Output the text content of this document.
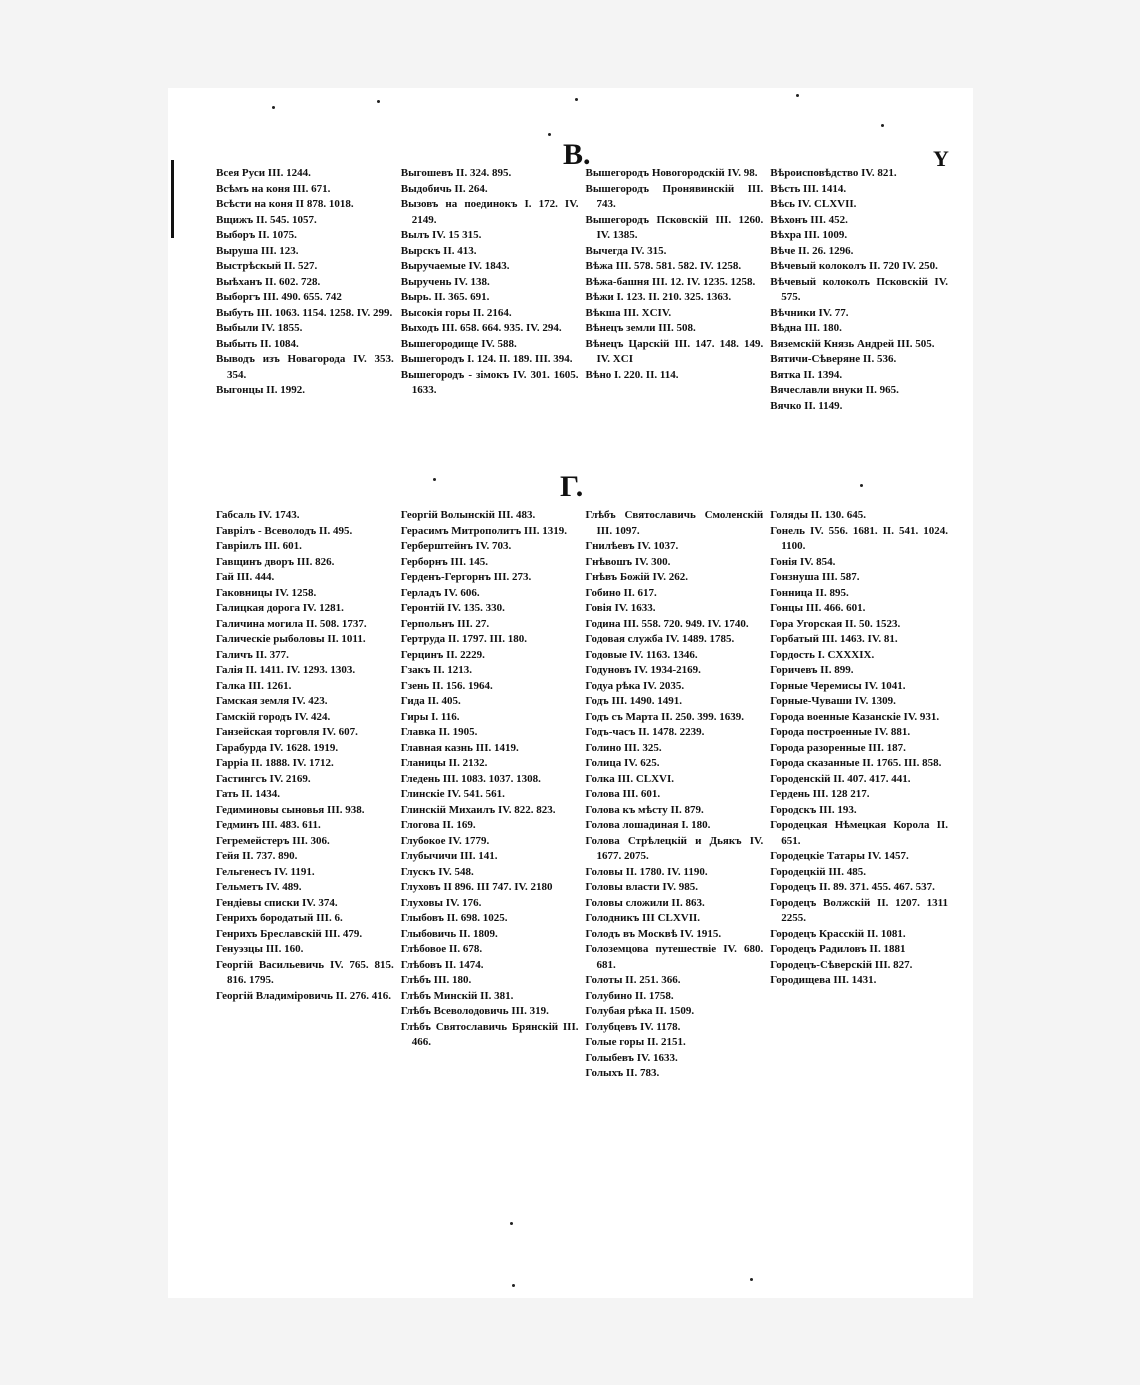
Y
В.

Всея Руси III. 1244.

Всѣмъ на коня III. 671.

Всѣсти на коня II 878. 1018.

Вщижъ II. 545. 1057.

Выборъ II. 1075.

Выруша III. 123.

Выстрѣскый II. 527.

Выѣханъ II. 602. 728.

Выборгъ III. 490. 655. 742

Выбуть III. 1063. 1154. 1258. IV. 299.

Выбыли IV. 1855.

Выбыть II. 1084.

Выводъ изъ Новагорода IV. 353. 354.

Выгонцы II. 1992.

Выгошевъ II. 324. 895.

Выдобичь II. 264.

Вызовъ на поединокъ I. 172. IV. 2149.

Вылъ IV. 15 315.

Вырскъ II. 413.

Выручаемые IV. 1843.

Выручень IV. 138.

Вырь. II. 365. 691.

Высокія горы II. 2164.

Выходъ III. 658. 664. 935. IV. 294.

Вышегородище IV. 588.

Вышегородъ I. 124. II. 189. III. 394.

Вышегородъ - зімокъ IV. 301. 1605. 1633.

Вышегородъ Новогородскій IV. 98.

Вышегородъ Пронявинскій III. 743.

Вышегородъ Псковскій III. 1260. IV. 1385.

Вычегда IV. 315.

Вѣжа III. 578. 581. 582. IV. 1258.

Вѣжа-башня III. 12. IV. 1235. 1258.

Вѣжи I. 123. II. 210. 325. 1363.

Вѣкша III. XCIV.

Вѣнецъ земли III. 508.

Вѣнецъ Царскій III. 147. 148. 149. IV. XCI

Вѣно I. 220. II. 114.

Вѣроисповѣдство IV. 821.

Вѣсть III. 1414.

Вѣсь IV. CLXVII.

Вѣхонъ III. 452.

Вѣхра III. 1009.

Вѣче II. 26. 1296.

Вѣчевый колоколъ II. 720 IV. 250.

Вѣчевый колоколъ Псковскій IV. 575.

Вѣчники IV. 77.

Вѣдна III. 180.

Вяземскій Князь Андрей III. 505.

Вятичи-Сѣверяне II. 536.

Вятка II. 1394.

Вячеславли внуки II. 965.

Вячко II. 1149.

Г.

Габсаль IV. 1743.

Гаврілъ - Всеволодъ II. 495.

Гавріилъ III. 601.

Гавщинъ дворъ III. 826.

Гай III. 444.

Гаковницы IV. 1258.

Галицкая дорога IV. 1281.

Галичина могила II. 508. 1737.

Галическіе рыболовы II. 1011.

Галичъ II. 377.

Галія II. 1411. IV. 1293. 1303.

Галка III. 1261.

Гамская земля IV. 423.

Гамскій городъ IV. 424.

Ганзейская торговля IV. 607.

Гарабурда IV. 1628. 1919.

Гарріа II. 1888. IV. 1712.

Гастингсъ IV. 2169.

Гать II. 1434.

Гедиминовы сыновья III. 938.

Гедминъ III. 483. 611.

Гегремейстеръ III. 306.

Гейя II. 737. 890.

Гельгенесъ IV. 1191.

Гельметъ IV. 489.

Гендіевы списки IV. 374.

Генрихъ бородатый III. 6.

Генрихъ Бреславскій III. 479.

Генуэзцы III. 160.

Георгій Васильевичь IV. 765. 815. 816. 1795.

Георгій Владиміровичь II. 276. 416.

Георгій Волынскій III. 483.

Герасимъ Митрополитъ III. 1319.

Герберштейнъ IV. 703.

Герборнъ III. 145.

Герденъ-Гергорнъ III. 273.

Герладъ IV. 606.

Геронтій IV. 135. 330.

Герпольнъ III. 27.

Гертруда II. 1797. III. 180.

Герцинъ II. 2229.

Гзакъ II. 1213.

Гзень II. 156. 1964.

Гида II. 405.

Гиры I. 116.

Главка II. 1905.

Главная казнь III. 1419.

Гланицы II. 2132.

Гледень III. 1083. 1037. 1308.

Глинскіе IV. 541. 561.

Глинскій Михаилъ IV. 822. 823.

Глогова II. 169.

Глубокое IV. 1779.

Глубычичи III. 141.

Глускъ IV. 548.

Глуховъ II 896. III 747. IV. 2180

Глуховы IV. 176.

Глыбовъ II. 698. 1025.

Глыбовичь II. 1809.

Глѣбовое II. 678.

Глѣбовъ II. 1474.

Глѣбъ III. 180.

Глѣбъ Минскій II. 381.

Глѣбъ Всеволодовичь III. 319.

Глѣбъ Святославичь Брянскій III. 466.

Глѣбъ Святославичь Смоленскій III. 1097.

Гнилѣевъ IV. 1037.

Гнѣвошъ IV. 300.

Гнѣвъ Божій IV. 262.

Гобино II. 617.

Говія IV. 1633.

Година III. 558. 720. 949. IV. 1740.

Годовая служба IV. 1489. 1785.

Годовые IV. 1163. 1346.

Годуновъ IV. 1934-2169.

Годуа рѣка IV. 2035.

Годъ III. 1490. 1491.

Годъ съ Марта II. 250. 399. 1639.

Годъ-часъ II. 1478. 2239.

Голино III. 325.

Голица IV. 625.

Голка III. CLXVI.

Голова III. 601.

Голова къ мѣсту II. 879.

Голова лошадиная I. 180.

Голова Стрѣлецкій и Дьякъ IV. 1677. 2075.

Головы II. 1780. IV. 1190.

Головы власти IV. 985.

Головы сложили II. 863.

Голодникъ III CLXVII.

Голодъ въ Москвѣ IV. 1915.

Голоземцова путешествіе IV. 680. 681.

Голоты II. 251. 366.

Голубино II. 1758.

Голубая рѣка II. 1509.

Голубцевъ IV. 1178.

Голые горы II. 2151.

Голыбевъ IV. 1633.

Голыхъ II. 783.

Голяды II. 130. 645.

Гонель IV. 556. 1681. II. 541. 1024. 1100.

Гонія IV. 854.

Гонзнуша III. 587.

Гонница II. 895.

Гонцы III. 466. 601.

Гора Угорская II. 50. 1523.

Горбатый III. 1463. IV. 81.

Гордость I. CXXXIX.

Горичевъ II. 899.

Горные Черемисы IV. 1041.

Горные-Чуваши IV. 1309.

Города военные Казанскіе IV. 931.

Города построенные IV. 881.

Города разоренные III. 187.

Города сказанные II. 1765. III. 858.

Городенскій II. 407. 417. 441.

Гердень III. 128 217.

Городскъ III. 193.

Городецкая Нѣмецкая Корола II. 651.

Городецкіе Татары IV. 1457.

Городецкій III. 485.

Городецъ II. 89. 371. 455. 467. 537.

Городецъ Волжскій II. 1207. 1311 2255.

Городецъ Красскій II. 1081.

Городецъ Радиловъ II. 1881

Городецъ-Сѣверскій III. 827.

Городищева III. 1431.
